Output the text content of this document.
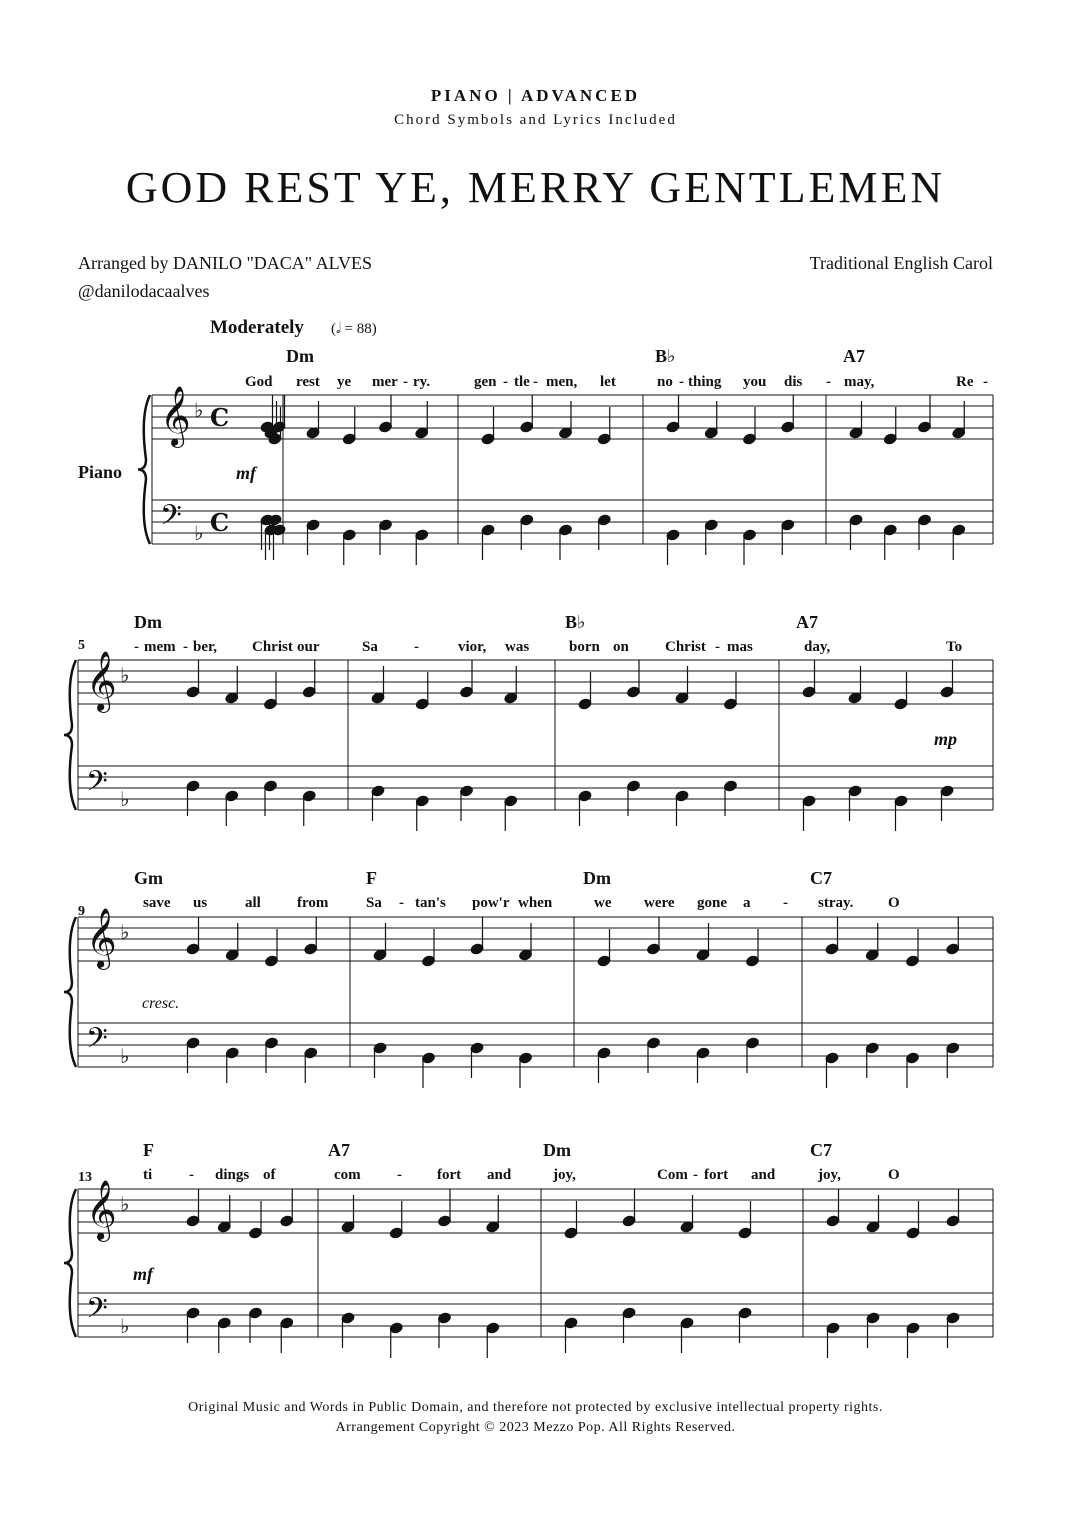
PIANO | ADVANCED
Chord Symbols and Lyrics Included
GOD REST YE, MERRY GENTLEMEN
Arranged by DANILO "DACA" ALVES
@danilodacaalves
Traditional English Carol
Moderately (𝅗𝅥 = 88)
Piano
Dm	B♭	A7
God rest ye mer - ry.	gen - tle - men, let	no - thing you dis - may,	Re -
mf
5
Dm	B♭	A7
- mem - ber, Christ our	Sa -	vior, was	born on Christ - mas	day,	To
mp
9
Gm	F	Dm	C7
save us	all from	Sa - tan's pow'r when	we were gone a - stray. O
cresc.
13
F	A7	Dm	C7
ti - dings of	com - fort and	joy,	Com - fort and	joy,	O
mf
𝄞 ♭ C
𝄢 ♭ C
𝄞 ♭
𝄢 ♭
𝄞 ♭
𝄢 ♭
𝄞 ♭
𝄢 ♭
Original Music and Words in Public Domain, and therefore not protected by exclusive intellectual property rights.
Arrangement Copyright © 2023 Mezzo Pop. All Rights Reserved.
